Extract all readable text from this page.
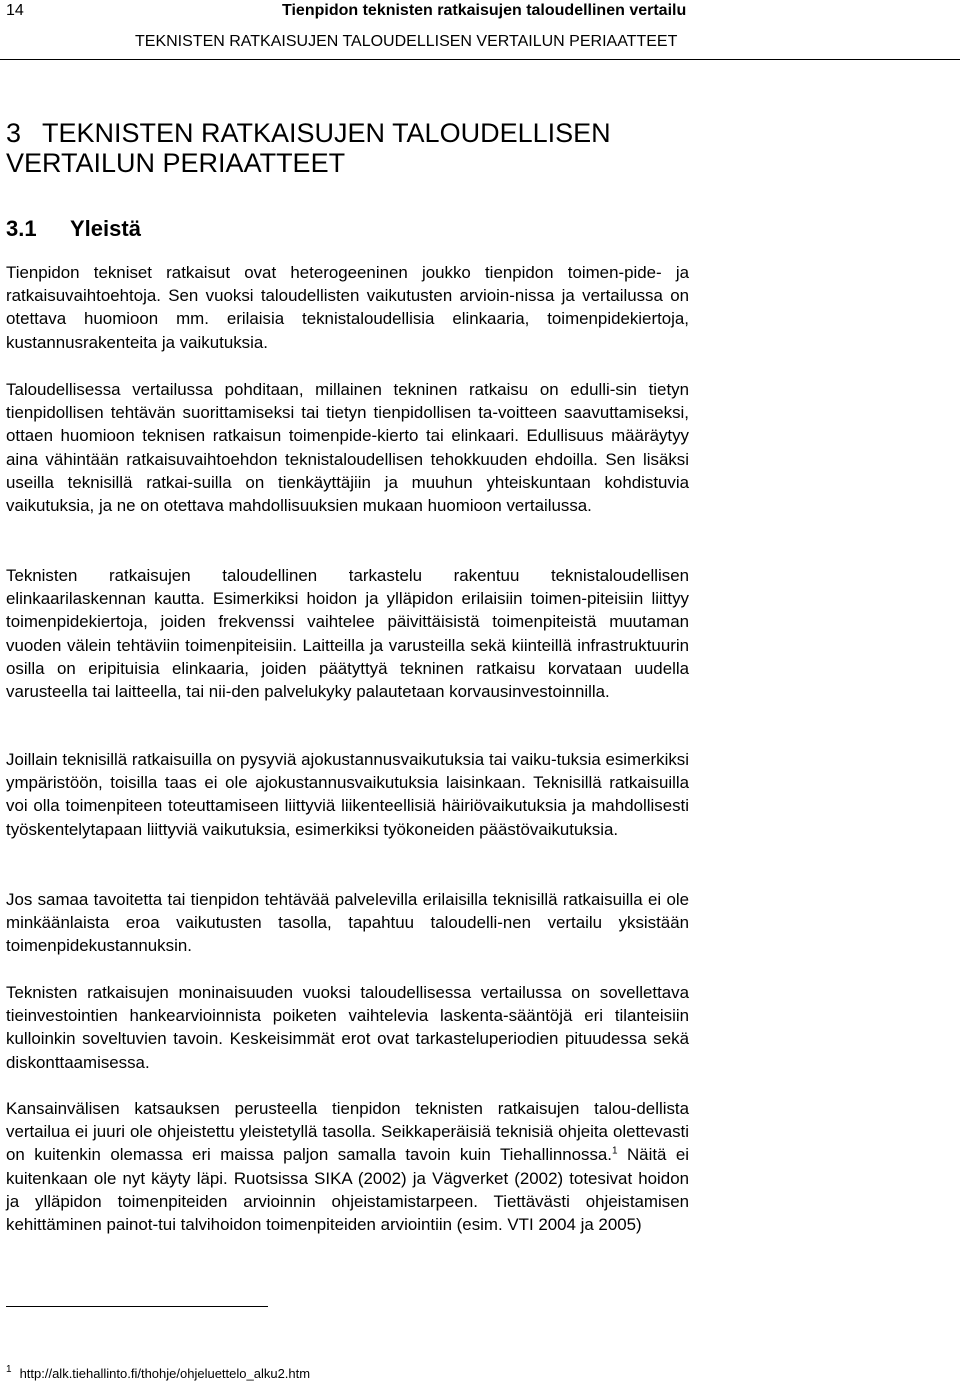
14	Tienpidon teknisten ratkaisujen taloudellinen vertailu
TEKNISTEN RATKAISUJEN TALOUDELLISEN VERTAILUN PERIAATTEET
3 TEKNISTEN RATKAISUJEN TALOUDELLISEN
VERTAILUN PERIAATTEET
3.1 Yleistä

Tienpidon tekniset ratkaisut ovat heterogeeninen joukko tienpidon toimen-pide- ja ratkaisuvaihtoehtoja. Sen vuoksi taloudellisten vaikutusten arvioin-nissa ja vertailussa on otettava huomioon mm. erilaisia teknistaloudellisia elinkaaria, toimenpidekiertoja, kustannusrakenteita ja vaikutuksia.

Taloudellisessa vertailussa pohditaan, millainen tekninen ratkaisu on edulli-sin tietyn tienpidollisen tehtävän suorittamiseksi tai tietyn tienpidollisen ta-voitteen saavuttamiseksi, ottaen huomioon teknisen ratkaisun toimenpide-kierto tai elinkaari. Edullisuus määräytyy aina vähintään ratkaisuvaihtoehdon teknistaloudellisen tehokkuuden ehdoilla. Sen lisäksi useilla teknisillä ratkai-suilla on tienkäyttäjiin ja muuhun yhteiskuntaan kohdistuvia vaikutuksia, ja ne on otettava mahdollisuuksien mukaan huomioon vertailussa.

Teknisten ratkaisujen taloudellinen tarkastelu rakentuu teknistaloudellisen elinkaarilaskennan kautta. Esimerkiksi hoidon ja ylläpidon erilaisiin toimen-piteisiin liittyy toimenpidekiertoja, joiden frekvenssi vaihtelee päivittäisistä toimenpiteistä muutaman vuoden välein tehtäviin toimenpiteisiin. Laitteilla ja varusteilla sekä kiinteillä infrastruktuurin osilla on eripituisia elinkaaria, joiden päätyttyä tekninen ratkaisu korvataan uudella varusteella tai laitteella, tai nii-den palvelukyky palautetaan korvausinvestoinnilla.

Joillain teknisillä ratkaisuilla on pysyviä ajokustannusvaikutuksia tai vaiku-tuksia esimerkiksi ympäristöön, toisilla taas ei ole ajokustannusvaikutuksia laisinkaan. Teknisillä ratkaisuilla voi olla toimenpiteen toteuttamiseen liittyviä liikenteellisiä häiriövaikutuksia ja mahdollisesti työskentelytapaan liittyviä vaikutuksia, esimerkiksi työkoneiden päästövaikutuksia.

Jos samaa tavoitetta tai tienpidon tehtävää palvelevilla erilaisilla teknisillä ratkaisuilla ei ole minkäänlaista eroa vaikutusten tasolla, tapahtuu taloudelli-nen vertailu yksistään toimenpidekustannuksin.

Teknisten ratkaisujen moninaisuuden vuoksi taloudellisessa vertailussa on sovellettava tieinvestointien hankearvioinnista poiketen vaihtelevia laskenta-sääntöjä eri tilanteisiin kulloinkin soveltuvien tavoin. Keskeisimmät erot ovat tarkasteluperiodien pituudessa sekä diskonttaamisessa.

Kansainvälisen katsauksen perusteella tienpidon teknisten ratkaisujen talou-dellista vertailua ei juuri ole ohjeistettu yleistetyllä tasolla. Seikkaperäisiä teknisiä ohjeita olettevasti on kuitenkin olemassa eri maissa paljon samalla tavoin kuin Tiehallinnossa.$^1$ Näitä ei kuitenkaan ole nyt käyty läpi. Ruotsissa SIKA (2002) ja Vägverket (2002) totesivat hoidon ja ylläpidon toimenpiteiden arvioinnin ohjeistamistarpeen. Tiettävästi ohjeistamisen kehittäminen painot-tui talvihoidon toimenpiteiden arviointiin (esim. VTI 2004 ja 2005)

$^1$ http://alk.tiehallinto.fi/thohje/ohjeluettelo_alku2.htm
